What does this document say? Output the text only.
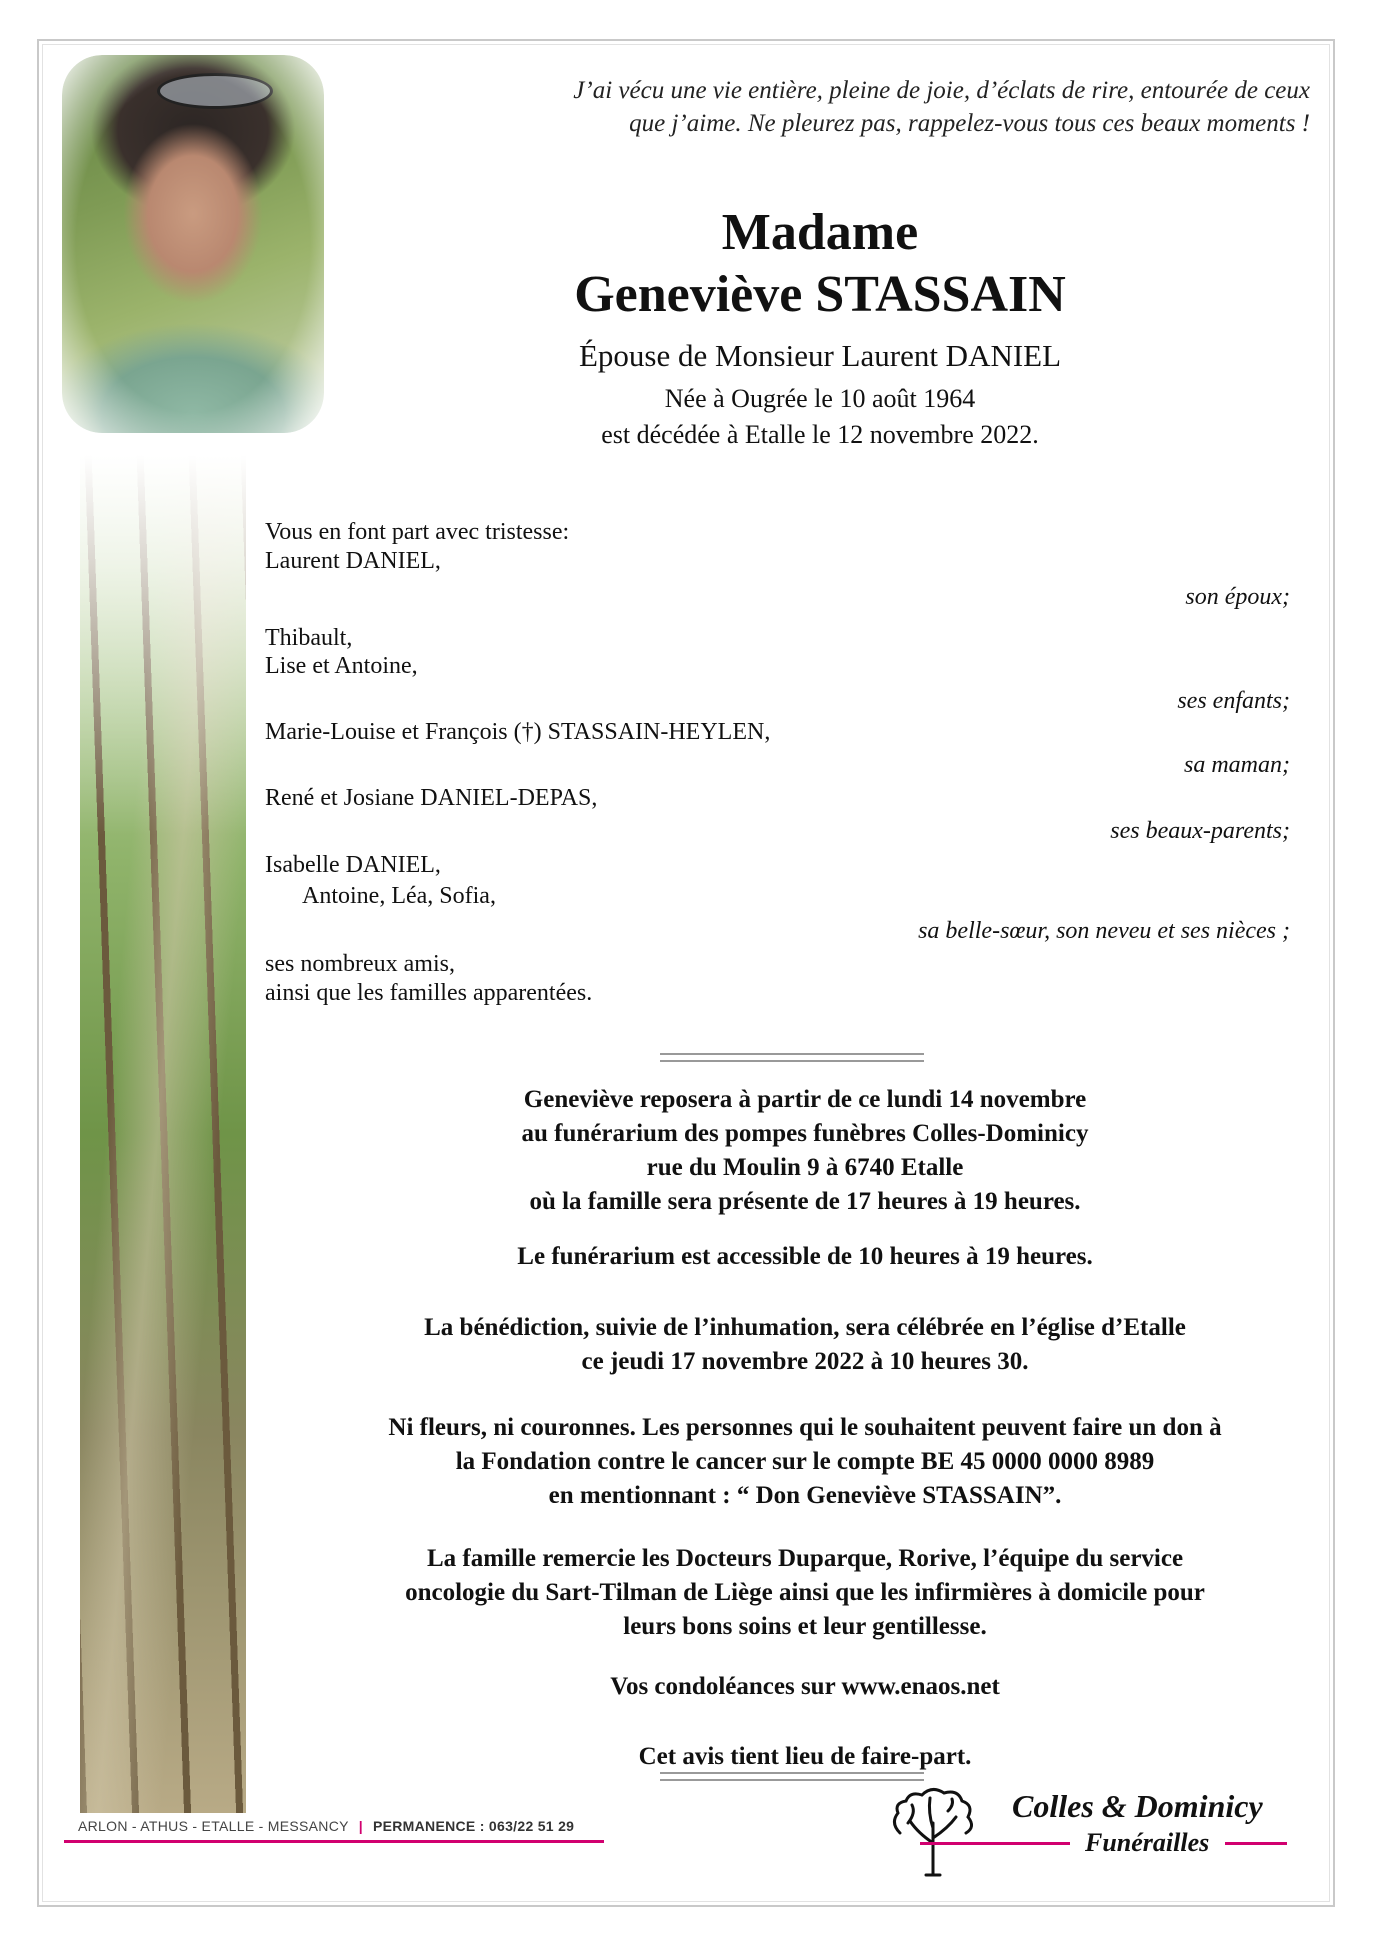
J’ai vécu une vie entière, pleine de joie, d’éclats de rire, entourée de ceux
que j’aime. Ne pleurez pas, rappelez-vous tous ces beaux moments !
Madame
Geneviève STASSAIN
Épouse de Monsieur Laurent DANIEL
Née à Ougrée le 10 août 1964
est décédée à Etalle le 12 novembre 2022.
Vous en font part avec tristesse:
Laurent DANIEL,
son époux;
Thibault,
Lise et Antoine,
ses enfants;
Marie-Louise et François (†) STASSAIN-HEYLEN,
sa maman;
René et Josiane DANIEL-DEPAS,
ses beaux-parents;
Isabelle DANIEL,
Antoine, Léa, Sofia,
sa belle-sœur, son neveu et ses nièces ;
ses nombreux amis,
ainsi que les familles apparentées.
Geneviève reposera à partir de ce lundi 14 novembre
au funérarium des pompes funèbres Colles-Dominicy
rue du Moulin 9 à 6740 Etalle
où la famille sera présente de 17 heures à 19 heures.
Le funérarium est accessible de 10 heures à 19 heures.
La bénédiction, suivie de l’inhumation, sera célébrée en l’église d’Etalle
ce jeudi 17 novembre 2022 à 10 heures 30.
Ni fleurs, ni couronnes. Les personnes qui le souhaitent peuvent faire un don à
la Fondation contre le cancer sur le compte BE 45 0000 0000 8989
en mentionnant : “ Don Geneviève STASSAIN”.
La famille remercie les Docteurs Duparque, Rorive, l’équipe du service
oncologie du Sart-Tilman de Liège ainsi que les infirmières à domicile pour
leurs bons soins et leur gentillesse.
Vos condoléances sur www.enaos.net
Cet avis tient lieu de faire-part.
ARLON - ATHUS - ETALLE - MESSANCY | PERMANENCE : 063/22 51 29
Colles & Dominicy
Funérailles
